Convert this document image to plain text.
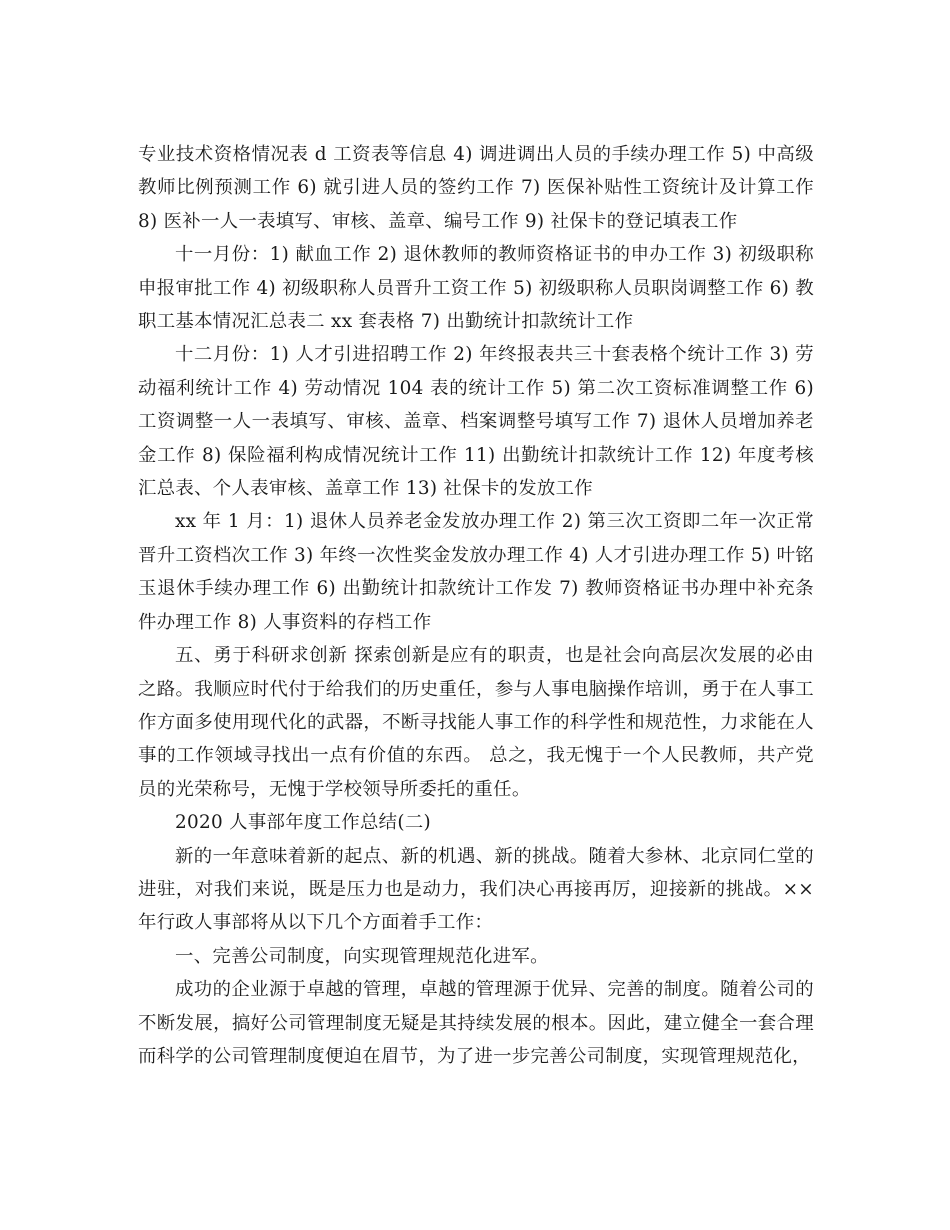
专业技术资格情况表 d 工资表等信息 4) 调进调出人员的手续办理工作 5) 中高级教师比例预测工作 6) 就引进人员的签约工作 7) 医保补贴性工资统计及计算工作 8) 医补一人一表填写、审核、盖章、编号工作 9) 社保卡的登记填表工作

十一月份：1) 献血工作 2) 退休教师的教师资格证书的申办工作 3) 初级职称申报审批工作 4) 初级职称人员晋升工资工作 5) 初级职称人员职岗调整工作 6) 教职工基本情况汇总表二 xx 套表格 7) 出勤统计扣款统计工作

十二月份：1) 人才引进招聘工作 2) 年终报表共三十套表格个统计工作 3) 劳动福利统计工作 4) 劳动情况 104 表的统计工作 5) 第二次工资标准调整工作 6) 工资调整一人一表填写、审核、盖章、档案调整号填写工作 7) 退休人员增加养老金工作 8) 保险福利构成情况统计工作 11) 出勤统计扣款统计工作 12) 年度考核汇总表、个人表审核、盖章工作 13) 社保卡的发放工作

xx 年 1 月：1) 退休人员养老金发放办理工作 2) 第三次工资即二年一次正常晋升工资档次工作 3) 年终一次性奖金发放办理工作 4) 人才引进办理工作 5) 叶铭玉退休手续办理工作 6) 出勤统计扣款统计工作发 7) 教师资格证书办理中补充条件办理工作 8) 人事资料的存档工作

五、勇于科研求创新 探索创新是应有的职责，也是社会向高层次发展的必由之路。我顺应时代付于给我们的历史重任，参与人事电脑操作培训，勇于在人事工作方面多使用现代化的武器，不断寻找能人事工作的科学性和规范性，力求能在人事的工作领域寻找出一点有价值的东西。 总之，我无愧于一个人民教师，共产党员的光荣称号，无愧于学校领导所委托的重任。

2020 人事部年度工作总结(二)

新的一年意味着新的起点、新的机遇、新的挑战。随着大参林、北京同仁堂的进驻，对我们来说，既是压力也是动力，我们决心再接再厉，迎接新的挑战。××年行政人事部将从以下几个方面着手工作：

一、完善公司制度，向实现管理规范化进军。

成功的企业源于卓越的管理，卓越的管理源于优异、完善的制度。随着公司的不断发展，搞好公司管理制度无疑是其持续发展的根本。因此，建立健全一套合理而科学的公司管理制度便迫在眉节，为了进一步完善公司制度，实现管理规范化，
